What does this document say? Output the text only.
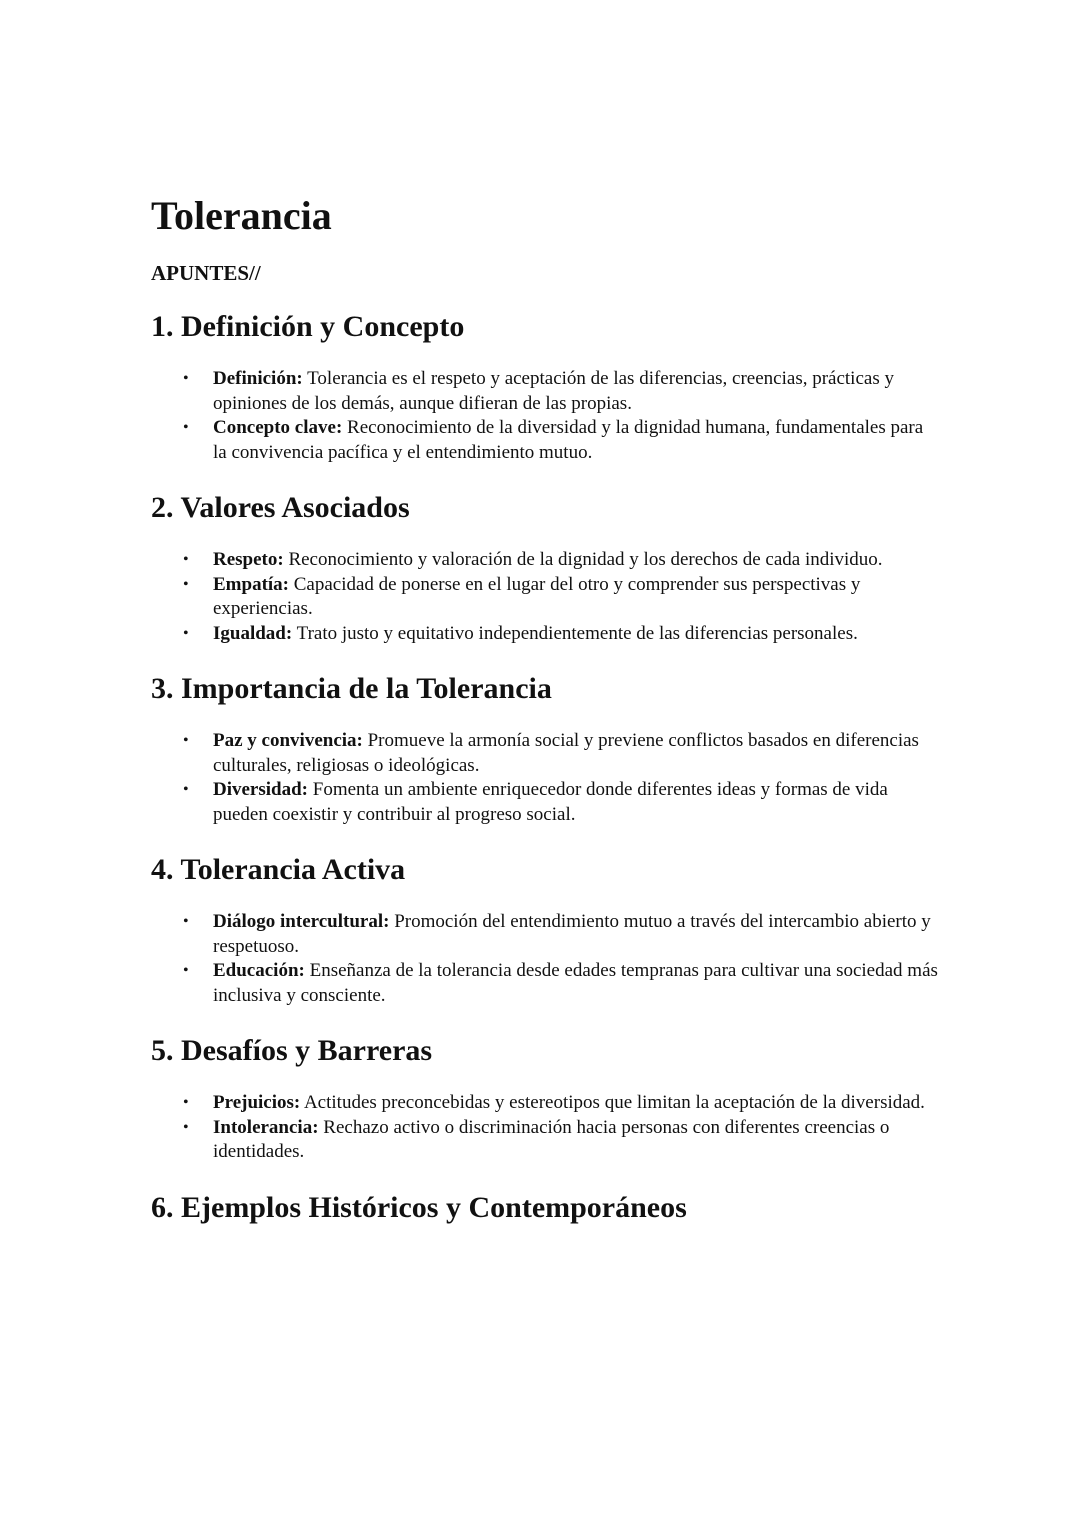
Tolerancia
APUNTES//
1. Definición y Concepto
• Definición: Tolerancia es el respeto y aceptación de las diferencias, creencias, prácticas y opiniones de los demás, aunque difieran de las propias.
• Concepto clave: Reconocimiento de la diversidad y la dignidad humana, fundamentales para la convivencia pacífica y el entendimiento mutuo.
2. Valores Asociados
• Respeto: Reconocimiento y valoración de la dignidad y los derechos de cada individuo.
• Empatía: Capacidad de ponerse en el lugar del otro y comprender sus perspectivas y experiencias.
• Igualdad: Trato justo y equitativo independientemente de las diferencias personales.
3. Importancia de la Tolerancia
• Paz y convivencia: Promueve la armonía social y previene conflictos basados en diferencias culturales, religiosas o ideológicas.
• Diversidad: Fomenta un ambiente enriquecedor donde diferentes ideas y formas de vida pueden coexistir y contribuir al progreso social.
4. Tolerancia Activa
• Diálogo intercultural: Promoción del entendimiento mutuo a través del intercambio abierto y respetuoso.
• Educación: Enseñanza de la tolerancia desde edades tempranas para cultivar una sociedad más inclusiva y consciente.
5. Desafíos y Barreras
• Prejuicios: Actitudes preconcebidas y estereotipos que limitan la aceptación de la diversidad.
• Intolerancia: Rechazo activo o discriminación hacia personas con diferentes creencias o identidades.
6. Ejemplos Históricos y Contemporáneos
